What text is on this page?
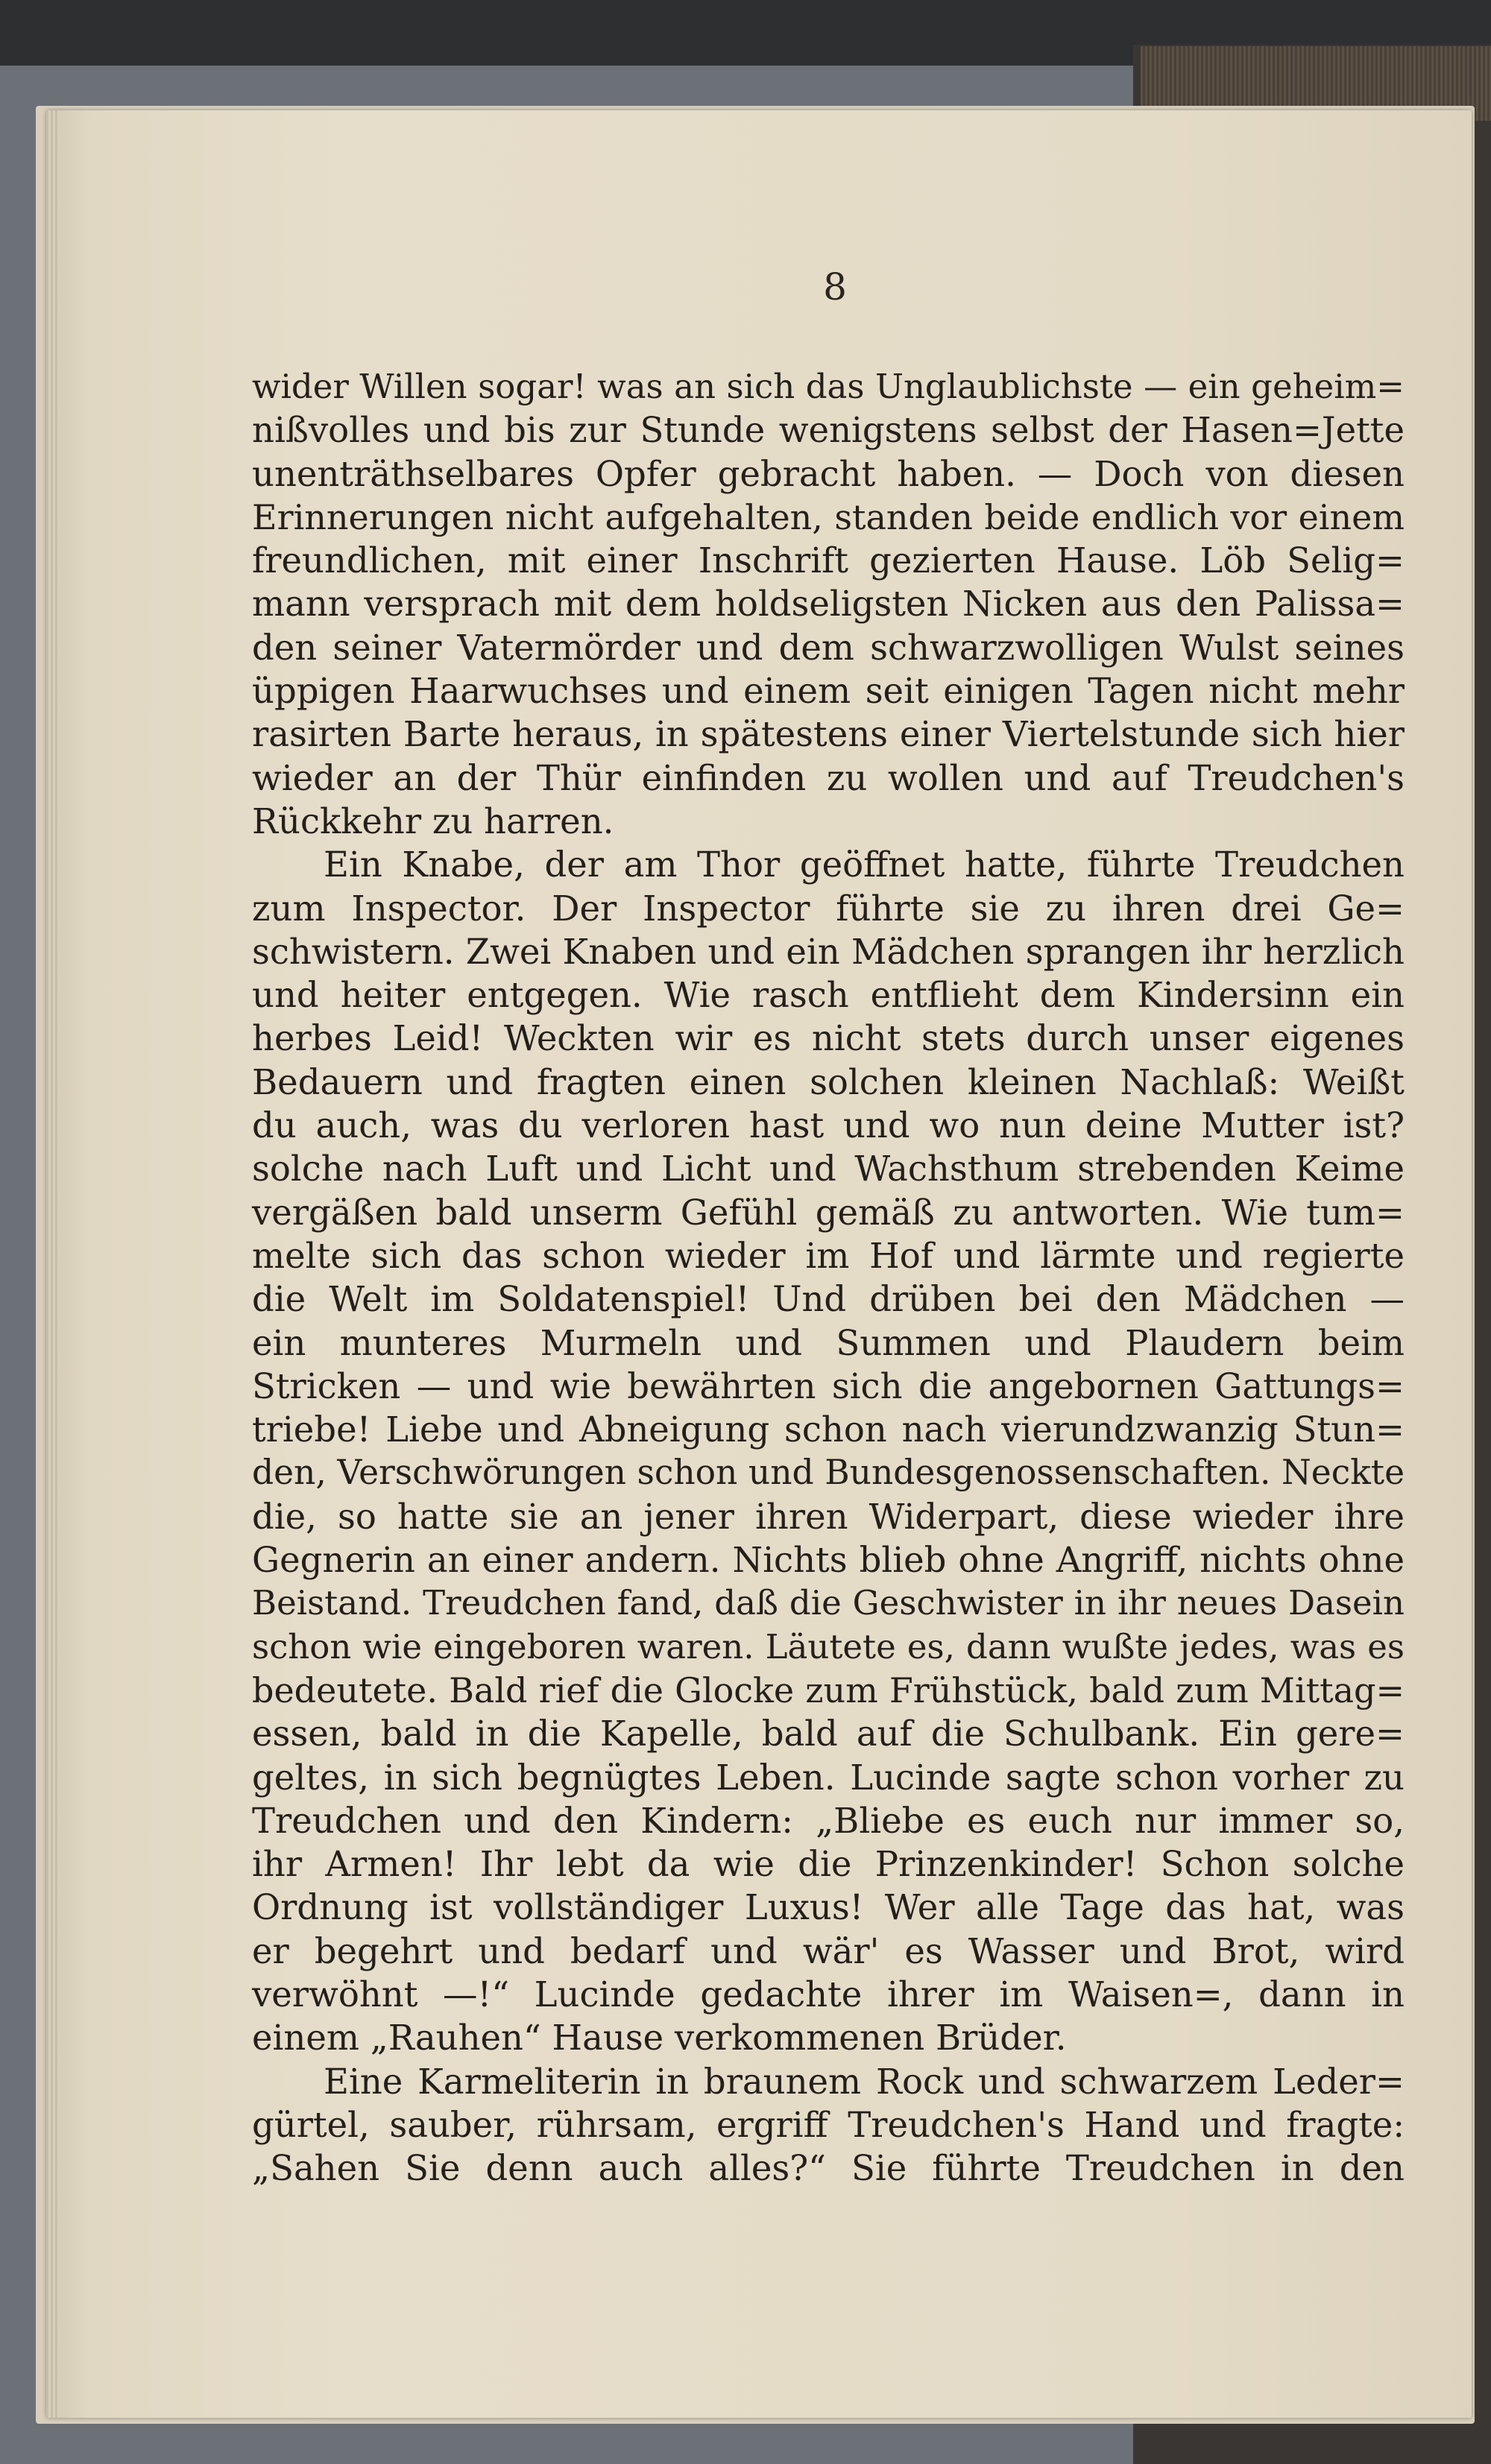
8
wider Willen sogar! was an sich das Unglaublichste — ein geheim=
nißvolles und bis zur Stunde wenigstens selbst der Hasen=Jette
unenträthselbares Opfer gebracht haben. — Doch von diesen
Erinnerungen nicht aufgehalten, standen beide endlich vor einem
freundlichen, mit einer Inschrift gezierten Hause. Löb Selig=
mann versprach mit dem holdseligsten Nicken aus den Palissa=
den seiner Vatermörder und dem schwarzwolligen Wulst seines
üppigen Haarwuchses und einem seit einigen Tagen nicht mehr
rasirten Barte heraus, in spätestens einer Viertelstunde sich hier
wieder an der Thür einfinden zu wollen und auf Treudchen's
Rückkehr zu harren.
Ein Knabe, der am Thor geöffnet hatte, führte Treudchen
zum Inspector. Der Inspector führte sie zu ihren drei Ge=
schwistern. Zwei Knaben und ein Mädchen sprangen ihr herzlich
und heiter entgegen. Wie rasch entflieht dem Kindersinn ein
herbes Leid! Weckten wir es nicht stets durch unser eigenes
Bedauern und fragten einen solchen kleinen Nachlaß: Weißt
du auch, was du verloren hast und wo nun deine Mutter ist?
solche nach Luft und Licht und Wachsthum strebenden Keime
vergäßen bald unserm Gefühl gemäß zu antworten. Wie tum=
melte sich das schon wieder im Hof und lärmte und regierte
die Welt im Soldatenspiel! Und drüben bei den Mädchen —
ein munteres Murmeln und Summen und Plaudern beim
Stricken — und wie bewährten sich die angebornen Gattungs=
triebe! Liebe und Abneigung schon nach vierundzwanzig Stun=
den, Verschwörungen schon und Bundesgenossenschaften. Neckte
die, so hatte sie an jener ihren Widerpart, diese wieder ihre
Gegnerin an einer andern. Nichts blieb ohne Angriff, nichts ohne
Beistand. Treudchen fand, daß die Geschwister in ihr neues Dasein
schon wie eingeboren waren. Läutete es, dann wußte jedes, was es
bedeutete. Bald rief die Glocke zum Frühstück, bald zum Mittag=
essen, bald in die Kapelle, bald auf die Schulbank. Ein gere=
geltes, in sich begnügtes Leben. Lucinde sagte schon vorher zu
Treudchen und den Kindern: „Bliebe es euch nur immer so,
ihr Armen! Ihr lebt da wie die Prinzenkinder! Schon solche
Ordnung ist vollständiger Luxus! Wer alle Tage das hat, was
er begehrt und bedarf und wär' es Wasser und Brot, wird
verwöhnt —!“ Lucinde gedachte ihrer im Waisen=, dann in
einem „Rauhen“ Hause verkommenen Brüder.
Eine Karmeliterin in braunem Rock und schwarzem Leder=
gürtel, sauber, rührsam, ergriff Treudchen's Hand und fragte:
„Sahen Sie denn auch alles?“ Sie führte Treudchen in den
